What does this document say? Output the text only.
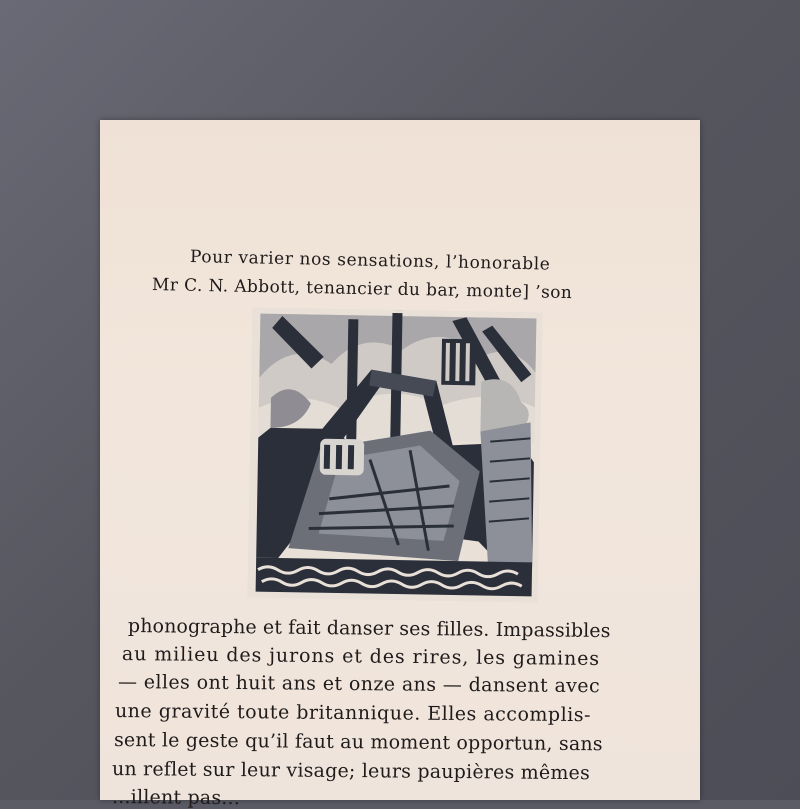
Pour varier nos sensations, l’honorable
Mr C. N. Abbott, tenancier du bar, monte] ’son
phonographe et fait danser ses filles. Impassibles
au milieu des jurons et des rires, les gamines
— elles ont huit ans et onze ans — dansent avec
une gravité toute britannique. Elles accomplis-
sent le geste qu’il faut au moment opportun, sans
un reflet sur leur visage; leurs paupières mêmes
...illent pas...
